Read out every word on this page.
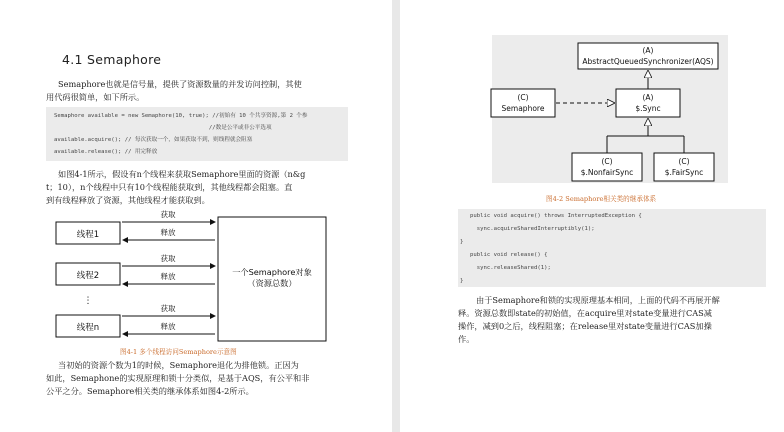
4.1 Semaphore
Semaphore也就是信号量，提供了资源数量的并发访问控制，其使
用代码很简单，如下所示。
Semaphore available = new Semaphore(10, true); //初始有 10 个共享资源,第 2 个参
//数是公平或非公平选项
available.acquire(); // 每次获取一个，如果获取不到，则线程就会阻塞
available.release(); // 用完释放
如图4-1所示，假设有n个线程来获取Semaphore里面的资源（n&g
t；10），n个线程中只有10个线程能获取到，其他线程都会阻塞。直
到有线程释放了资源，其他线程才能获取到。
线程1
线程2
⋮
线程n
一个Semaphore对象
（资源总数）
获取
释放
获取
释放
获取
释放
图4-1 多个线程访问Semaphore示意图
当初始的资源个数为1的时候，Semaphore退化为排他锁。正因为
如此，Semaphone的实现原理和锁十分类似，是基于AQS，有公平和非
公平之分。Semaphore相关类的继承体系如图4-2所示。
(A)
AbstractQueuedSynchronizer(AQS)
(C)
Semaphore
(A)
$.Sync
(C)
$.NonfairSync
(C)
$.FairSync
图4-2 Semaphore相关类的继承体系
public void acquire() throws InterruptedException {
sync.acquireSharedInterruptibly(1);
}
public void release() {
sync.releaseShared(1);
}
由于Semaphore和锁的实现原理基本相同，上面的代码不再展开解
释。资源总数即state的初始值，在acquire里对state变量进行CAS减
操作，减到0之后，线程阻塞；在release里对state变量进行CAS加操
作。
